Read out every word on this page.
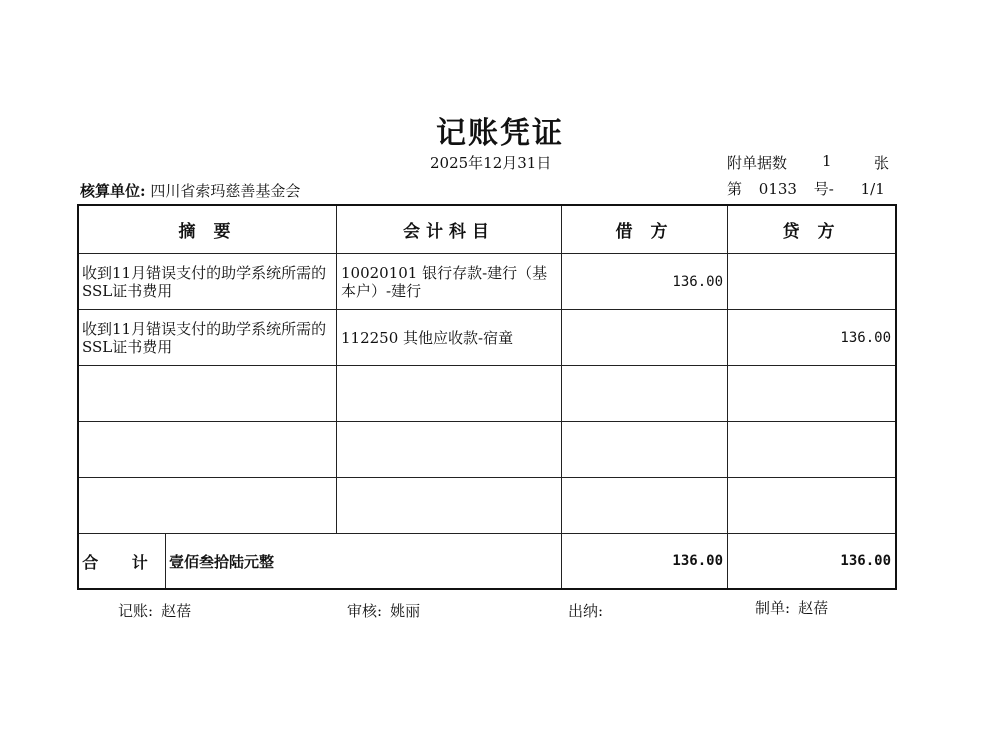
记账凭证
2025年12月31日	附单据数 1	张
核算单位: 四川省索玛慈善基金会	第 0133 号- 1/1
摘 要	会计科目	借 方	贷 方
收到11月错误支付的助学系统所需的SSL证书费用	10020101 银行存款-建行（基本户）-建行	136.00	
收到11月错误支付的助学系统所需的SSL证书费用	112250 其他应收款-宿童		136.00

合 计 壹佰叁拾陆元整		136.00	136.00
记账: 赵蓓	审核: 姚丽	出纳:	制单: 赵蓓
